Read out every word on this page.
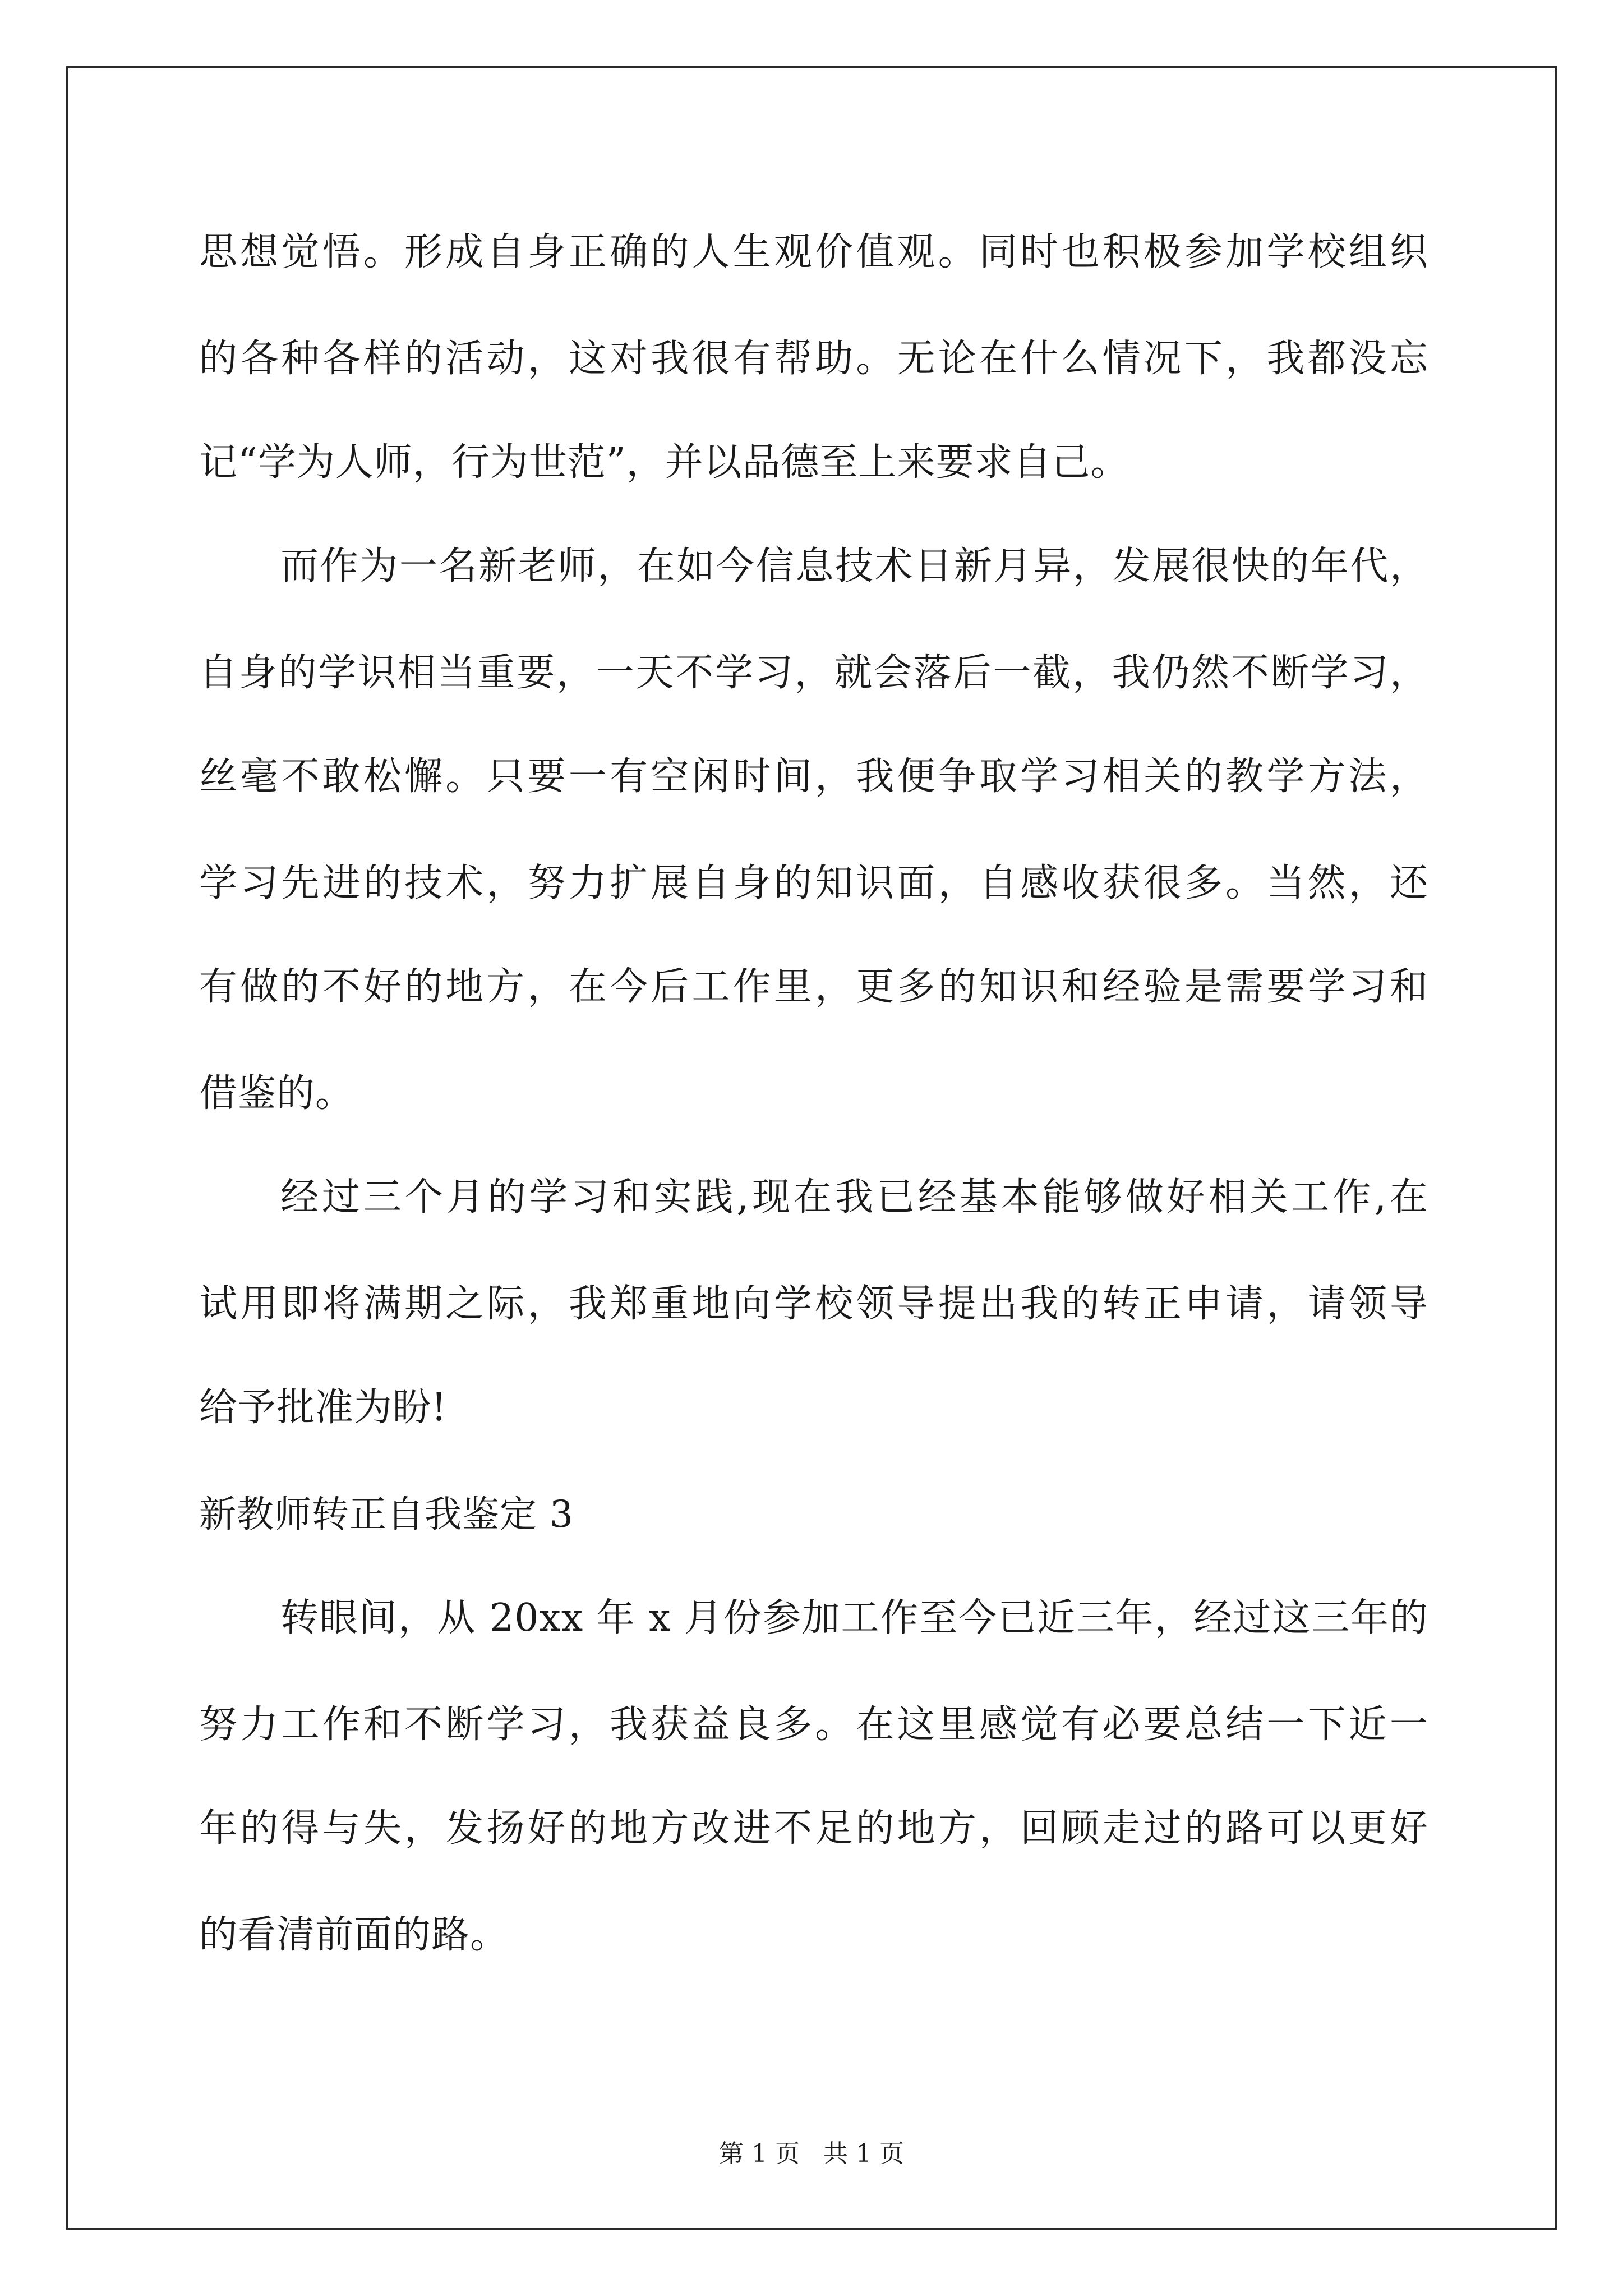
思想觉悟。形成自身正确的人生观价值观。同时也积极参加学校组织
的各种各样的活动，这对我很有帮助。无论在什么情况下，我都没忘
记“学为人师，行为世范”，并以品德至上来要求自己。
而作为一名新老师，在如今信息技术日新月异，发展很快的年代，
自身的学识相当重要，一天不学习，就会落后一截，我仍然不断学习，
丝毫不敢松懈。只要一有空闲时间，我便争取学习相关的教学方法，
学习先进的技术，努力扩展自身的知识面，自感收获很多。当然，还
有做的不好的地方，在今后工作里，更多的知识和经验是需要学习和
借鉴的。
经过三个月的学习和实践,现在我已经基本能够做好相关工作,在
试用即将满期之际，我郑重地向学校领导提出我的转正申请，请领导
给予批准为盼!
新教师转正自我鉴定 3
转眼间，从 20xx 年 x 月份参加工作至今已近三年，经过这三年的
努力工作和不断学习，我获益良多。在这里感觉有必要总结一下近一
年的得与失，发扬好的地方改进不足的地方，回顾走过的路可以更好
的看清前面的路。
第 1 页   共 1 页
